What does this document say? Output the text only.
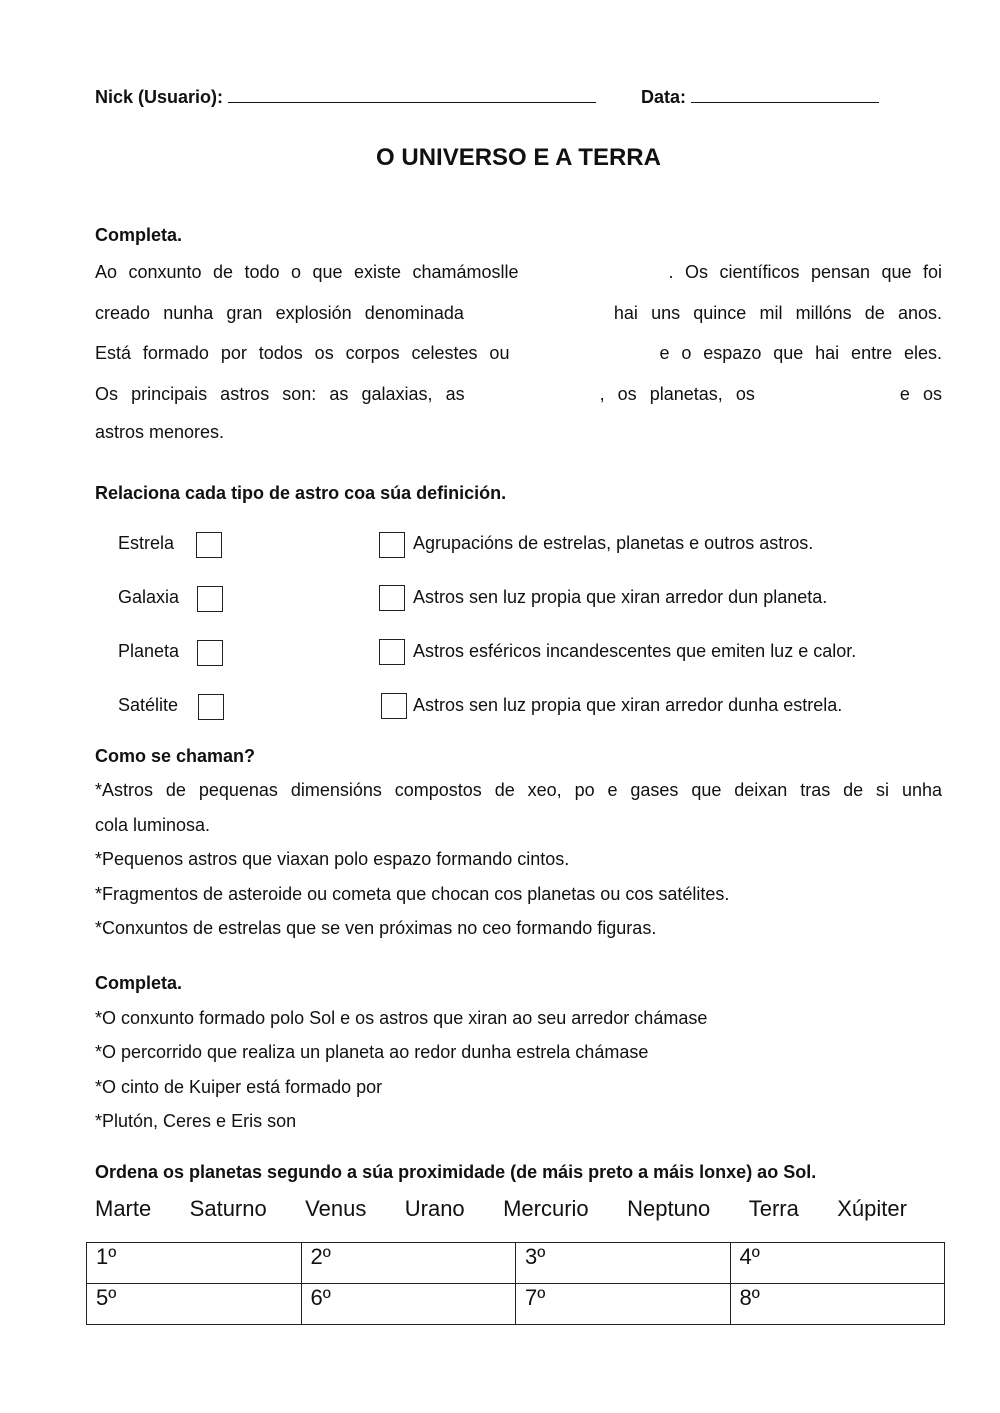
Nick (Usuario):	Data:
O UNIVERSO E A TERRA
Completa.
Ao conxunto de todo o que existe chamámoslle	. Os científicos pensan que foi
creado nunha gran explosión denominada	hai uns quince mil millóns de anos.
Está formado por todos os corpos celestes ou	e o espazo que hai entre eles.
Os principais astros son: as galaxias, as	, os planetas, os	e os
astros menores.
Relaciona cada tipo de astro coa súa definición.
Estrela	Agrupacións de estrelas, planetas e outros astros.
Galaxia	Astros sen luz propia que xiran arredor dun planeta.
Planeta	Astros esféricos incandescentes que emiten luz e calor.
Satélite	Astros sen luz propia que xiran arredor dunha estrela.
Como se chaman?
*Astros de pequenas dimensións compostos de xeo, po e gases que deixan tras de si unha
cola luminosa.
*Pequenos astros que viaxan polo espazo formando cintos.
*Fragmentos de asteroide ou cometa que chocan cos planetas ou cos satélites.
*Conxuntos de estrelas que se ven próximas no ceo formando figuras.
Completa.
*O conxunto formado polo Sol e os astros que xiran ao seu arredor chámase
*O percorrido que realiza un planeta ao redor dunha estrela chámase
*O cinto de Kuiper está formado por
*Plutón, Ceres e Eris son
Ordena os planetas segundo a súa proximidade (de máis preto a máis lonxe) ao Sol.
Marte Saturno Venus Urano Mercurio Neptuno Terra Xúpiter
1º	2º	3º	4º
5º	6º	7º	8º
